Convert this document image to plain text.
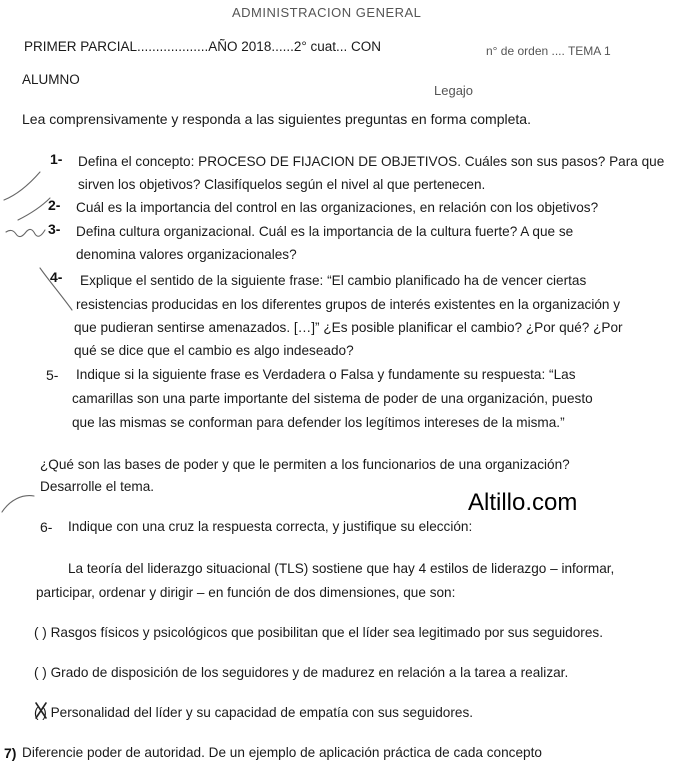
ADMINISTRACION GENERAL
PRIMER PARCIAL...................AÑO 2018......2° cuat... CON	n° de orden .... TEMA 1
ALUMNO
Legajo
Lea comprensivamente y responda a las siguientes preguntas en forma completa.
1- Defina el concepto: PROCESO DE FIJACION DE OBJETIVOS. Cuáles son sus pasos? Para que
sirven los objetivos? Clasifíquelos según el nivel al que pertenecen.
2- Cuál es la importancia del control en las organizaciones, en relación con los objetivos?
3- Defina cultura organizacional. Cuál es la importancia de la cultura fuerte? A que se
denomina valores organizacionales?
4- Explique el sentido de la siguiente frase: “El cambio planificado ha de vencer ciertas
resistencias producidas en los diferentes grupos de interés existentes en la organización y
que pudieran sentirse amenazados. […]” ¿Es posible planificar el cambio? ¿Por qué? ¿Por
qué se dice que el cambio es algo indeseado?
5- Indique si la siguiente frase es Verdadera o Falsa y fundamente su respuesta: “Las
camarillas son una parte importante del sistema de poder de una organización, puesto
que las mismas se conforman para defender los legítimos intereses de la misma.”
¿Qué son las bases de poder y que le permiten a los funcionarios de una organización?
Desarrolle el tema.
Altillo.com
6- Indique con una cruz la respuesta correcta, y justifique su elección:
La teoría del liderazgo situacional (TLS) sostiene que hay 4 estilos de liderazgo – informar,
participar, ordenar y dirigir – en función de dos dimensiones, que son:
( ) Rasgos físicos y psicológicos que posibilitan que el líder sea legitimado por sus seguidores.
( ) Grado de disposición de los seguidores y de madurez en relación a la tarea a realizar.
( ) Personalidad del líder y su capacidad de empatía con sus seguidores.
7) Diferencie poder de autoridad. De un ejemplo de aplicación práctica de cada concepto
